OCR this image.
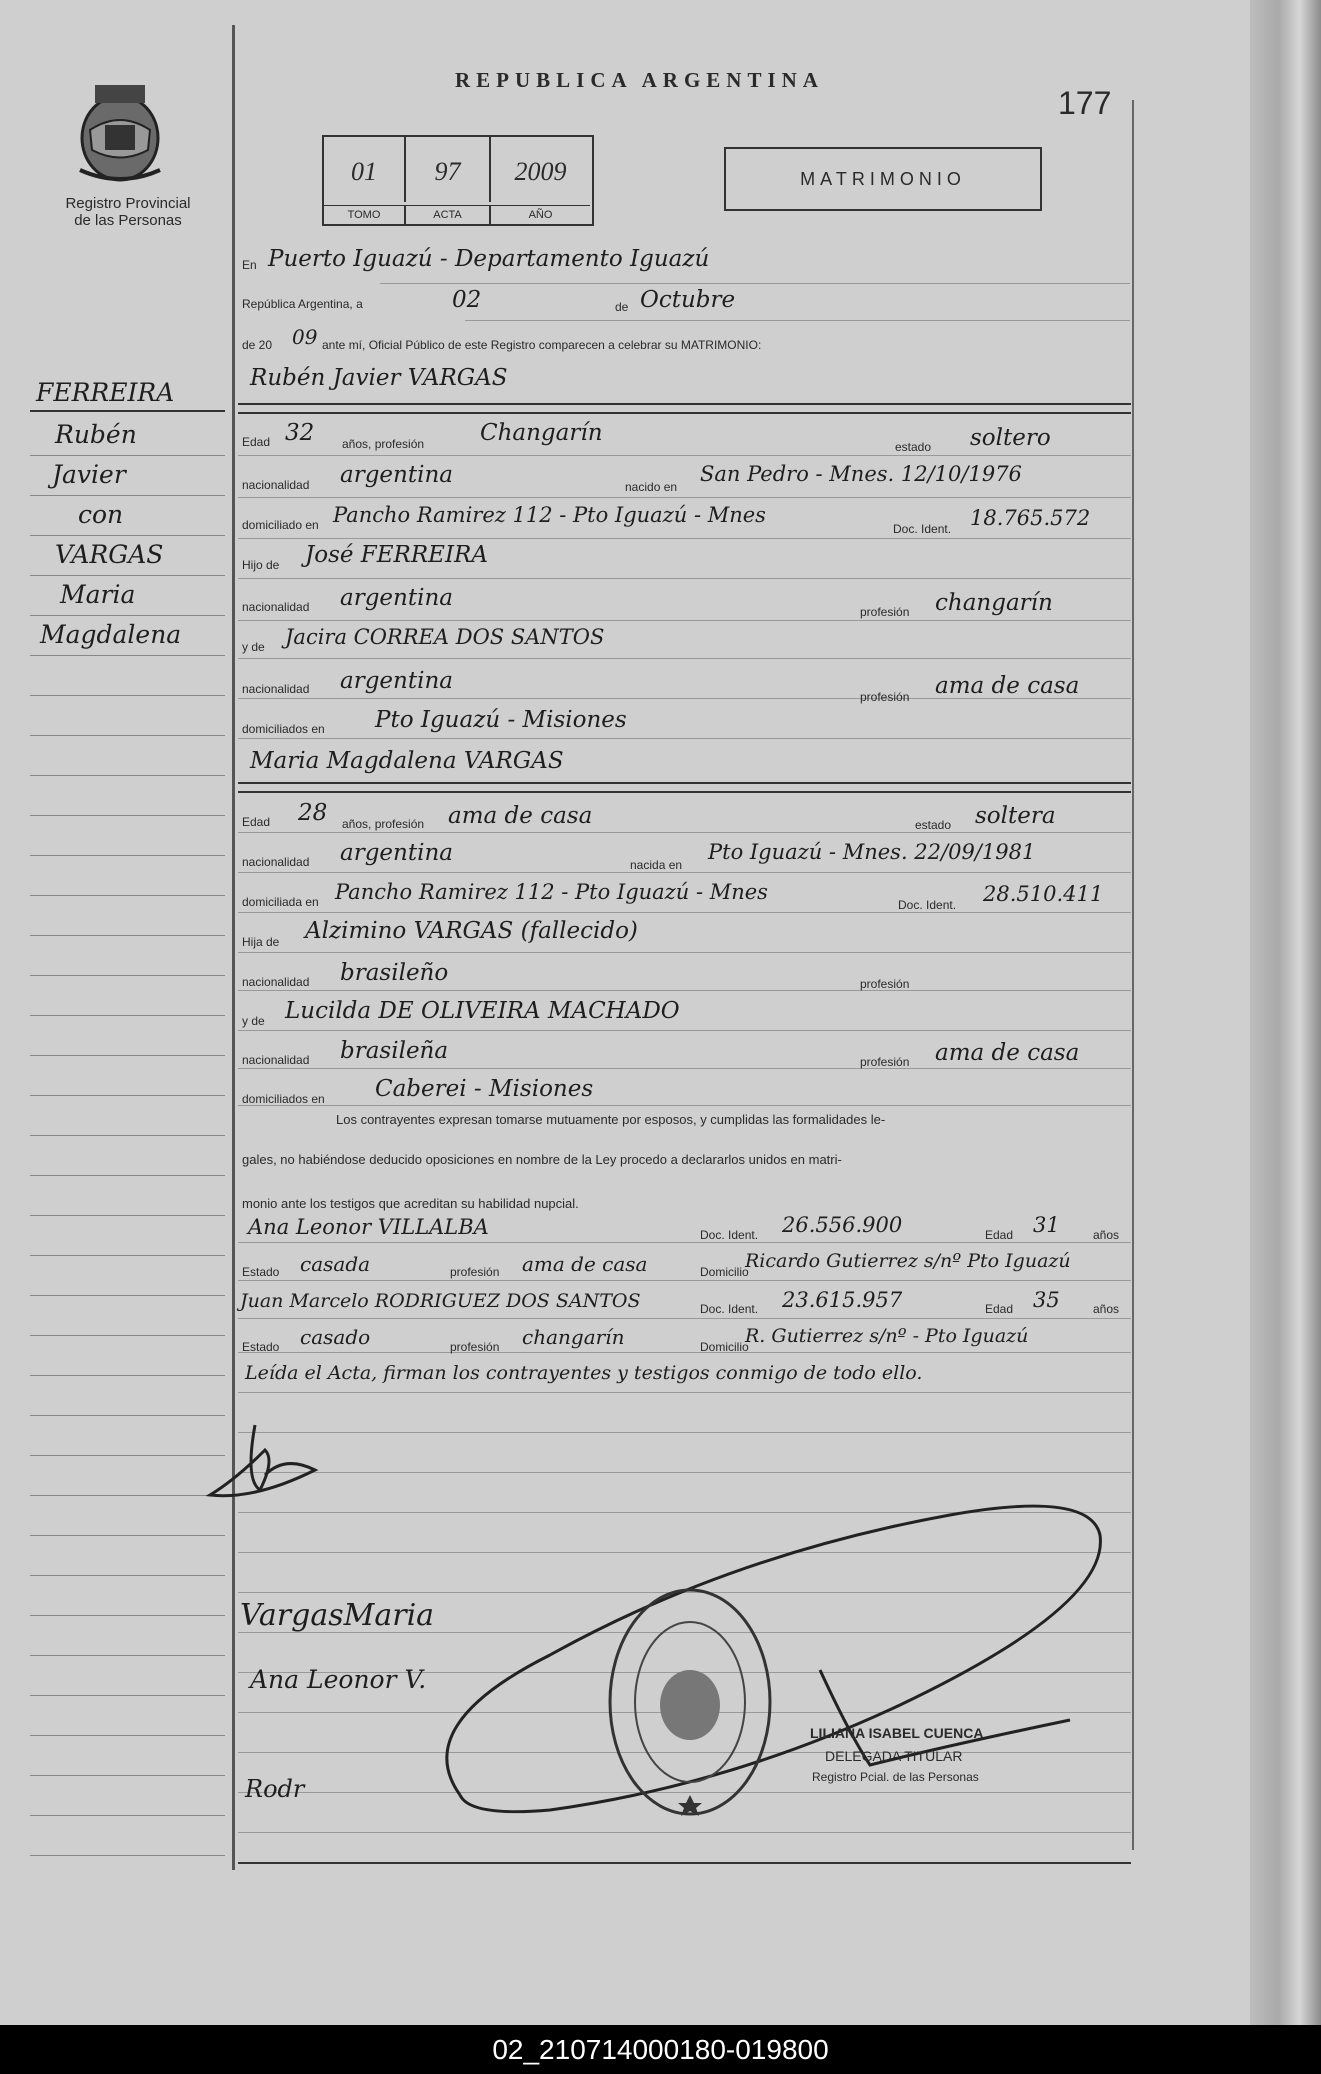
Registro Provincial
de las Personas
REPUBLICA ARGENTINA
177
01	97	2009
TOMO	ACTA	AÑO
MATRIMONIO
FERREIRA
Rubén
Javier
con
VARGAS
Maria
Magdalena
En Puerto Iguazú - Departamento Iguazú
República Argentina, a	02	de Octubre
de 20 09 ante mí, Oficial Público de este Registro comparecen a celebrar su MATRIMONIO:
Rubén Javier VARGAS
Edad 32 años, profesión Changarín
estado soltero
nacionalidad argentina	nacido en
San Pedro - Mnes. 12/10/1976
domiciliado en Pancho Ramirez 112 - Pto Iguazú - Mnes
Doc. Ident. 18.765.572
Hijo de José FERREIRA
nacionalidad argentina
profesión changarín
y de Jacira CORREA DOS SANTOS
nacionalidad argentina
profesión ama de casa
domiciliados en Pto Iguazú - Misiones
Maria Magdalena VARGAS
Edad 28 años, profesión ama de casa	estado soltera
nacionalidad argentina	nacida en
Pto Iguazú - Mnes. 22/09/1981
domiciliada en Pancho Ramirez 112 - Pto Iguazú - Mnes
Doc. Ident. 28.510.411
Hija de Alzimino VARGAS (fallecido)
nacionalidad brasileño	profesión
y de Lucilda DE OLIVEIRA MACHADO
nacionalidad brasileña	profesión ama de casa
domiciliados en Caberei - Misiones
Los contrayentes expresan tomarse mutuamente por esposos, y cumplidas las formalidades le-
gales, no habiéndose deducido oposiciones en nombre de la Ley procedo a declararlos unidos en matri-
monio ante los testigos que acreditan su habilidad nupcial.
Ana Leonor VILLALBA	Doc. Ident. 26.556.900	Edad 31	años
Estado casada	profesión ama de casa	Domicilio
Ricardo Gutierrez s/nº Pto Iguazú
Juan Marcelo RODRIGUEZ DOS SANTOS	Doc. Ident. 23.615.957	Edad 35	años
Estado casado	profesión changarín	Domicilio
R. Gutierrez s/nº - Pto Iguazú
Leída el Acta, firman los contrayentes y testigos conmigo de todo ello.
VargasMaria
Ana Leonor V.
Rodr
LILIANA ISABEL CUENCA
DELEGADA TITULAR
Registro Pcial. de las Personas
02_210714000180-019800
